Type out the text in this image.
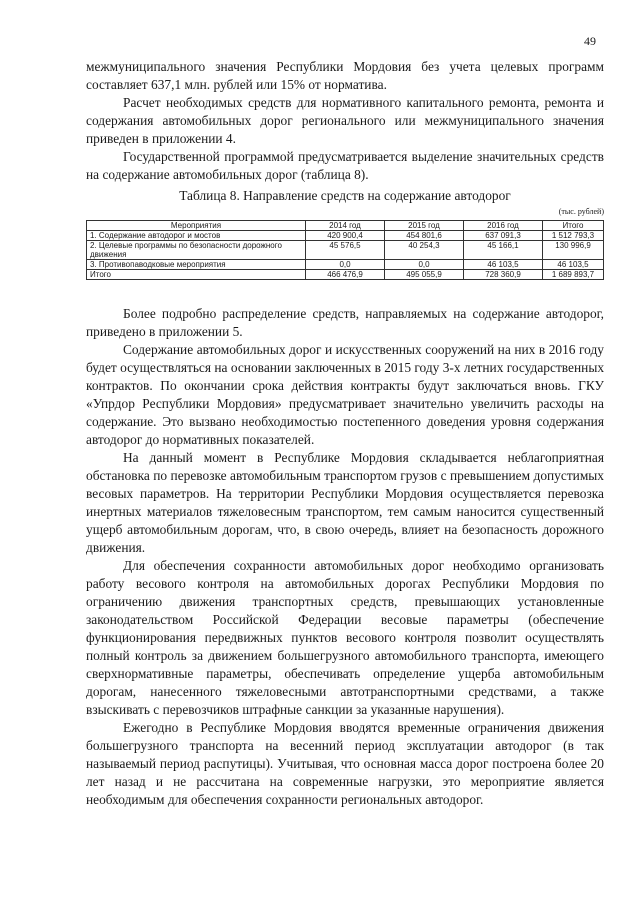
49

межмуниципального значения Республики Мордовия без учета целевых программ составляет 637,1 млн. рублей или 15% от норматива.

Расчет необходимых средств для нормативного капитального ремонта, ремонта и содержания автомобильных дорог регионального или межмуниципального значения приведен в приложении 4.

Государственной программой предусматривается выделение значительных средств на содержание автомобильных дорог (таблица 8).

Таблица 8. Направление средств на содержание автодорог
(тыс. рублей)
Мероприятия	2014 год	2015 год	2016 год	Итого
1. Содержание автодорог и мостов	420 900,4	454 801,6	637 091,3	1 512 793,3
2. Целевые программы по безопасности дорожного движения	45 576,5	40 254,3	45 166,1	130 996,9
3. Противопаводковые мероприятия	0,0	0,0	46 103,5	46 103,5
Итого	466 476,9	495 055,9	728 360,9	1 689 893,7

Более подробно распределение средств, направляемых на содержание автодорог, приведено в приложении 5.

Содержание автомобильных дорог и искусственных сооружений на них в 2016 году будет осуществляться на основании заключенных в 2015 году 3-х летних государственных контрактов. По окончании срока действия контракты будут заключаться вновь. ГКУ «Упрдор Республики Мордовия» предусматривает значительно увеличить расходы на содержание. Это вызвано необходимостью постепенного доведения уровня содержания автодорог до нормативных показателей.

На данный момент в Республике Мордовия складывается неблагоприятная обстановка по перевозке автомобильным транспортом грузов с превышением допустимых весовых параметров. На территории Республики Мордовия осуществляется перевозка инертных материалов тяжеловесным транспортом, тем самым наносится существенный ущерб автомобильным дорогам, что, в свою очередь, влияет на безопасность дорожного движения.

Для обеспечения сохранности автомобильных дорог необходимо организовать работу весового контроля на автомобильных дорогах Республики Мордовия по ограничению движения транспортных средств, превышающих установленные законодательством Российской Федерации весовые параметры (обеспечение функционирования передвижных пунктов весового контроля позволит осуществлять полный контроль за движением большегрузного автомобильного транспорта, имеющего сверхнормативные параметры, обеспечивать определение ущерба автомобильным дорогам, нанесенного тяжеловесными автотранспортными средствами, а также взыскивать с перевозчиков штрафные санкции за указанные нарушения).

Ежегодно в Республике Мордовия вводятся временные ограничения движения большегрузного транспорта на весенний период эксплуатации автодорог (в так называемый период распутицы). Учитывая, что основная масса дорог построена более 20 лет назад и не рассчитана на современные нагрузки, это мероприятие является необходимым для обеспечения сохранности региональных автодорог.
